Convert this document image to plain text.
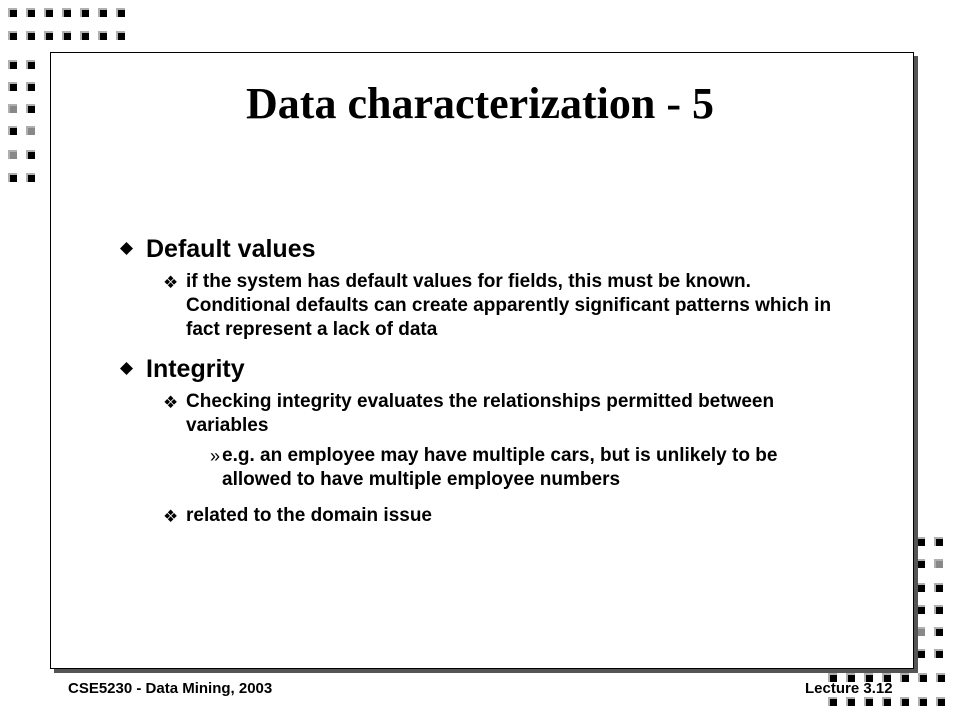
Data characterization - 5
Default values
❖ if the system has default values for fields, this must be known. Conditional defaults can create apparently significant patterns which in fact represent a lack of data
Integrity
❖ Checking integrity evaluates the relationships permitted between variables
» e.g. an employee may have multiple cars, but is unlikely to be allowed to have multiple employee numbers
❖ related to the domain issue
CSE5230 - Data Mining, 2003	Lecture 3.12
